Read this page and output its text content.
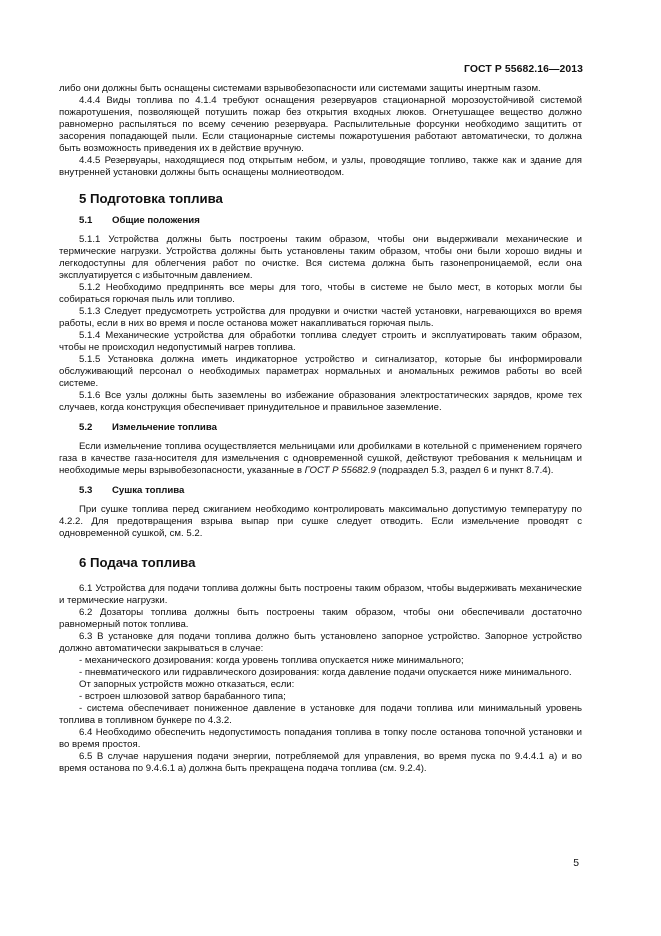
ГОСТ Р 55682.16—2013

либо они должны быть оснащены системами взрывобезопасности или системами защиты инертным газом.

4.4.4 Виды топлива по 4.1.4 требуют оснащения резервуаров стационарной морозоустойчивой системой пожаротушения, позволяющей потушить пожар без открытия входных люков. Огнетушащее вещество должно равномерно распыляться по всему сечению резервуара. Распылительные форсунки необходимо защитить от засорения попадающей пыли. Если стационарные системы пожаротушения работают автоматически, то должна быть возможность приведения их в действие вручную.

4.4.5 Резервуары, находящиеся под открытым небом, и узлы, проводящие топливо, также как и здание для внутренней установки должны быть оснащены молниеотводом.

5 Подготовка топлива
5.1	Общие положения

5.1.1 Устройства должны быть построены таким образом, чтобы они выдерживали механические и термические нагрузки. Устройства должны быть установлены таким образом, чтобы они были хорошо видны и легкодоступны для облегчения работ по очистке. Вся система должна быть газонепроницаемой, если она эксплуатируется с избыточным давлением.

5.1.2 Необходимо предпринять все меры для того, чтобы в системе не было мест, в которых могли бы собираться горючая пыль или топливо.

5.1.3 Следует предусмотреть устройства для продувки и очистки частей установки, нагревающихся во время работы, если в них во время и после останова может накапливаться горючая пыль.

5.1.4 Механические устройства для обработки топлива следует строить и эксплуатировать таким образом, чтобы не происходил недопустимый нагрев топлива.

5.1.5 Установка должна иметь индикаторное устройство и сигнализатор, которые бы информировали обслуживающий персонал о необходимых параметрах нормальных и аномальных режимов работы во всей системе.

5.1.6 Все узлы должны быть заземлены во избежание образования электростатических зарядов, кроме тех случаев, когда конструкция обеспечивает принудительное и правильное заземление.

5.2	Измельчение топлива

Если измельчение топлива осуществляется мельницами или дробилками в котельной с применением горячего газа в качестве газа-носителя для измельчения с одновременной сушкой, действуют требования к мельницам и необходимые меры взрывобезопасности, указанные в ГОСТ Р 55682.9 (подраздел 5.3, раздел 6 и пункт 8.7.4).

5.3	Сушка топлива

При сушке топлива перед сжиганием необходимо контролировать максимально допустимую температуру по 4.2.2. Для предотвращения взрыва выпар при сушке следует отводить. Если измельчение проводят с одновременной сушкой, см. 5.2.

6 Подача топлива

6.1 Устройства для подачи топлива должны быть построены таким образом, чтобы выдерживать механические и термические нагрузки.

6.2 Дозаторы топлива должны быть построены таким образом, чтобы они обеспечивали достаточно равномерный поток топлива.

6.3 В установке для подачи топлива должно быть установлено запорное устройство. Запорное устройство должно автоматически закрываться в случае:

- механического дозирования: когда уровень топлива опускается ниже минимального;

- пневматического или гидравлического дозирования: когда давление подачи опускается ниже минимального.

От запорных устройств можно отказаться, если:

- встроен шлюзовой затвор барабанного типа;

- система обеспечивает пониженное давление в установке для подачи топлива или минимальный уровень топлива в топливном бункере по 4.3.2.

6.4 Необходимо обеспечить недопустимость попадания топлива в топку после останова топочной установки и во время простоя.

6.5 В случае нарушения подачи энергии, потребляемой для управления, во время пуска по 9.4.4.1 а) и во время останова по 9.4.6.1 а) должна быть прекращена подача топлива (см. 9.2.4).

5
